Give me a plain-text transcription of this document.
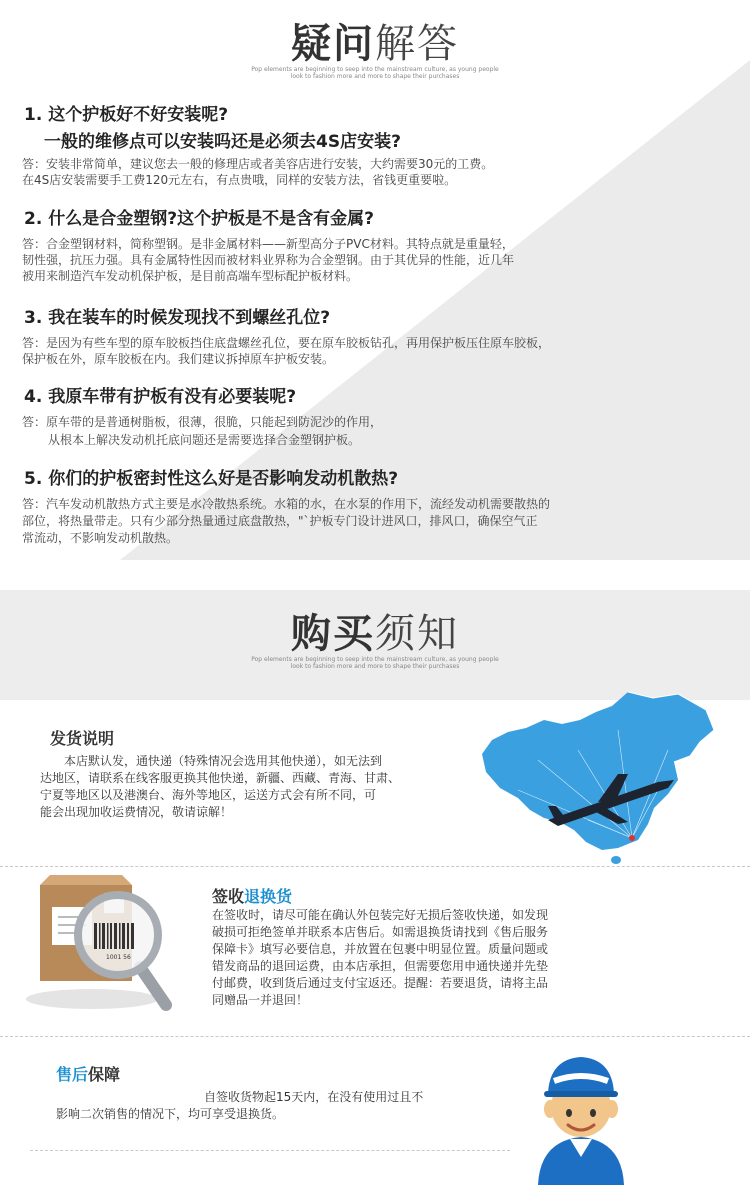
疑问解答
Pop elements are beginning to seep into the mainstream culture, as young people
look to fashion more and more to shape their purchases
1. 这个护板好不好安装呢?
一般的维修点可以安装吗还是必须去4S店安装?
答：安装非常简单，建议您去一般的修理店或者美容店进行安装，大约需要30元的工费。
在4S店安装需要手工费120元左右，有点贵哦，同样的安装方法，省钱更重要啦。
2. 什么是合金塑钢?这个护板是不是含有金属?
答：合金塑钢材料，简称塑钢。是非金属材料——新型高分子PVC材料。其特点就是重量轻，
韧性强，抗压力强。具有金属特性因而被材料业界称为合金塑钢。由于其优异的性能，近几年
被用来制造汽车发动机保护板，是目前高端车型标配护板材料。
3. 我在装车的时候发现找不到螺丝孔位?
答：是因为有些车型的原车胶板挡住底盘螺丝孔位，要在原车胶板钻孔，再用保护板压住原车胶板，
保护板在外，原车胶板在内。我们建议拆掉原车护板安装。
4. 我原车带有护板有没有必要装呢?
答：原车带的是普通树脂板，很薄，很脆，只能起到防泥沙的作用，
从根本上解决发动机托底问题还是需要选择合金塑钢护板。
5. 你们的护板密封性这么好是否影响发动机散热?
答：汽车发动机散热方式主要是水冷散热系统。水箱的水，在水泵的作用下，流经发动机需要散热的
部位，将热量带走。只有少部分热量通过底盘散热，"`护板专门设计进风口，排风口，确保空气正
常流动，不影响发动机散热。
购买须知
Pop elements are beginning to seep into the mainstream culture, as young people
look to fashion more and more to shape their purchases
发货说明
本店默认发，通快递（特殊情况会选用其他快递），如无法到
达地区，请联系在线客服更换其他快递，新疆、西藏、青海、甘肃、
宁夏等地区以及港澳台、海外等地区，运送方式会有所不同，可
能会出现加收运费情况，敬请谅解！
1001 56
签收退换货
在签收时，请尽可能在确认外包装完好无损后签收快递，如发现
破损可拒绝签单并联系本店售后。如需退换货请找到《售后服务
保障卡》填写必要信息，并放置在包裹中明显位置。质量问题或
错发商品的退回运费，由本店承担，但需要您用申通快递并先垫
付邮费，收到货后通过支付宝返还。提醒：若要退货，请将主品
同赠品一并退回！
售后保障
自签收货物起15天内，在没有使用过且不
影响二次销售的情况下，均可享受退换货。
